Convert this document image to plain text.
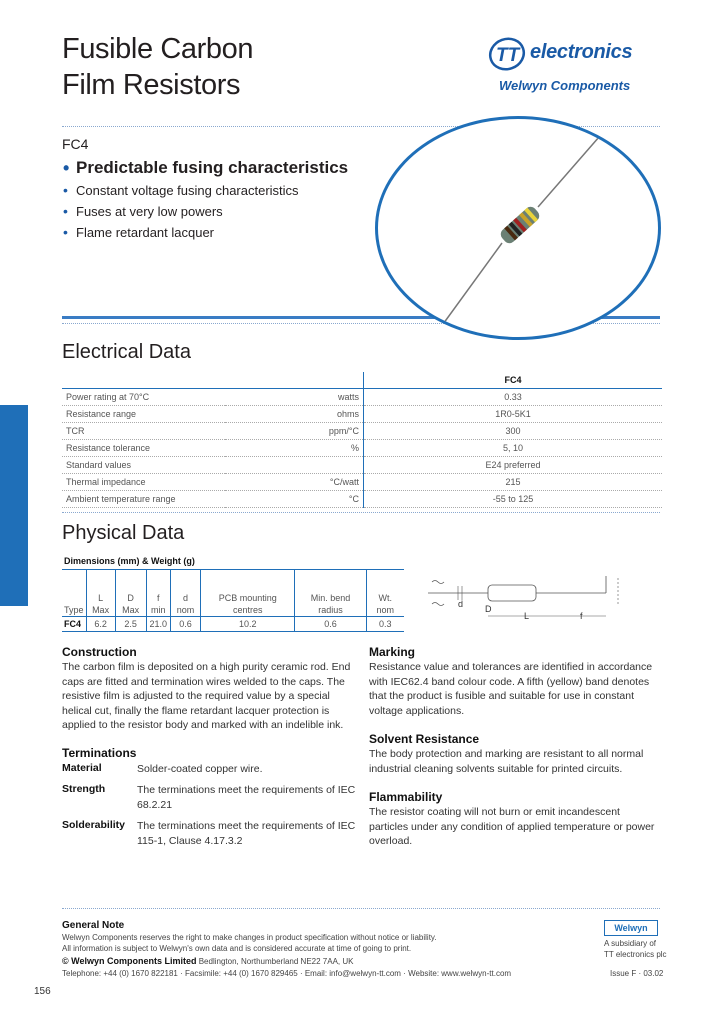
Fusible Carbon
Film Resistors
TT electronics
Welwyn Components
FC4
• Predictable fusing characteristics
• Constant voltage fusing characteristics
• Fuses at very low powers
• Flame retardant lacquer
Electrical Data
		FC4
Power rating at 70°C	watts	0.33
Resistance range	ohms	1R0-5K1
TCR	ppm/°C	300
Resistance tolerance	%	5, 10
Standard values		E24 preferred
Thermal impedance	°C/watt	215
Ambient temperature range	°C	-55 to 125
Physical Data
Dimensions (mm) & Weight (g)							
Type	L Max	D Max	f min	d nom	PCB mounting centres	Min. bend radius	Wt. nom
FC4	6.2	2.5	21.0	0.6	10.2	0.6	0.3
d D
L	f
Construction
The carbon film is deposited on a high purity ceramic rod. End caps are fitted and termination wires welded to the caps. The resistive film is adjusted to the required value by a special helical cut, finally the flame retardant lacquer protection is applied to the resistor body and marked with an indelible ink.
Terminations
Material	Solder-coated copper wire.
Strength	The terminations meet the requirements of IEC 68.2.21
Solderability The terminations meet the requirements of IEC 115-1, Clause 4.17.3.2
Marking
Resistance value and tolerances are identified in accordance with IEC62.4 band colour code. A fifth (yellow) band denotes that the product is fusible and suitable for use in constant voltage applications.
Solvent Resistance
The body protection and marking are resistant to all normal industrial cleaning solvents suitable for printed circuits.
Flammability
The resistor coating will not burn or emit incandescent particles under any condition of applied temperature or power overload.
General Note
Welwyn Components reserves the right to make changes in product specification without notice or liability.
All information is subject to Welwyn's own data and is considered accurate at time of going to print.
© Welwyn Components Limited Bedlington, Northumberland NE22 7AA, UK
Telephone: +44 (0) 1670 822181 · Facsimile: +44 (0) 1670 829465 · Email: info@welwyn-tt.com · Website: www.welwyn-tt.com
Welwyn
A subsidiary of
TT electronics plc
Issue F · 03.02
156
